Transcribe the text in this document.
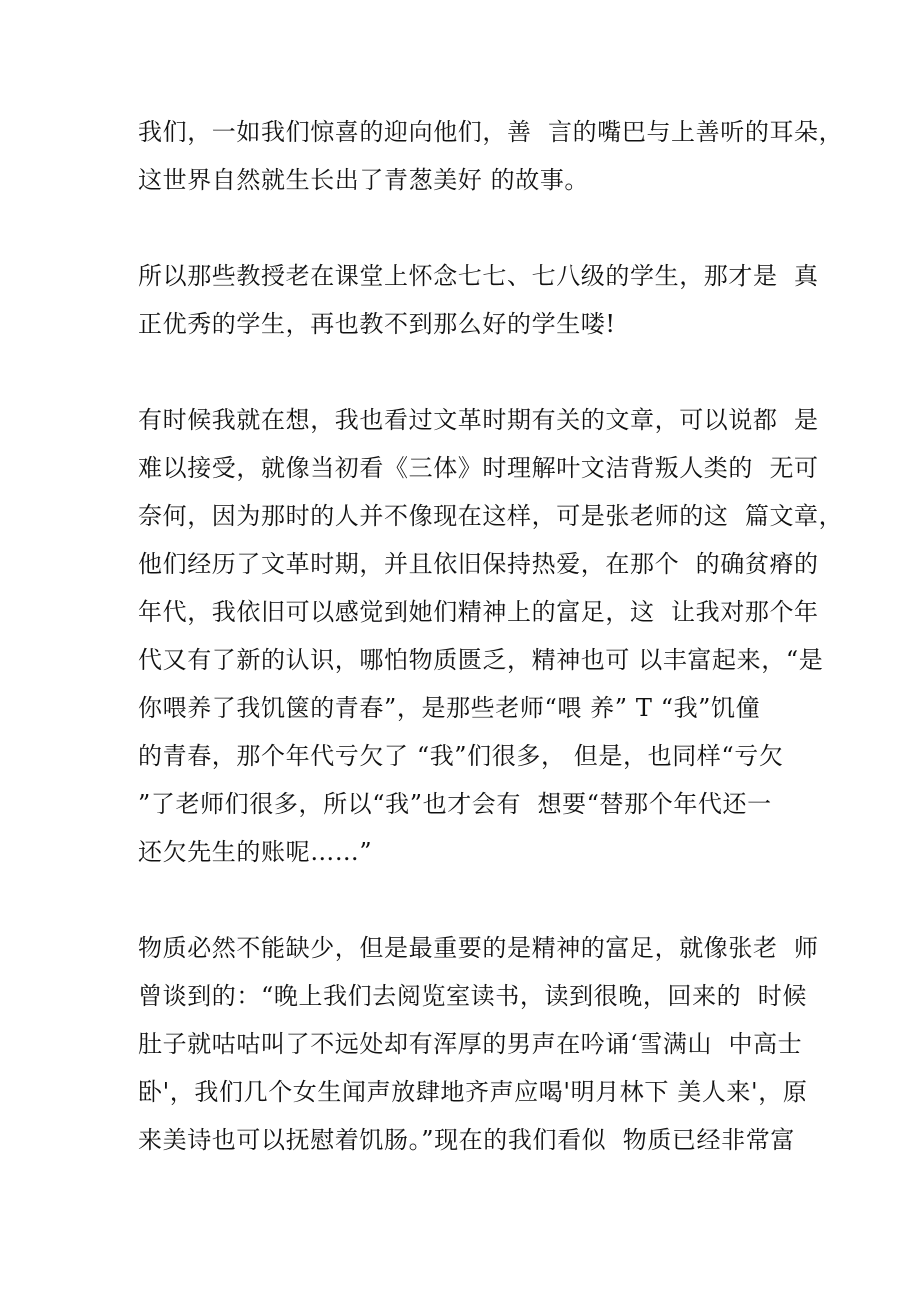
我们，一如我们惊喜的迎向他们，善  言的嘴巴与上善听的耳朵，
这世界自然就生长出了青葱美好 的故事。
所以那些教授老在课堂上怀念七七、七八级的学生，那才是  真
正优秀的学生，再也教不到那么好的学生喽!
有时候我就在想，我也看过文革时期有关的文章，可以说都  是
难以接受，就像当初看《三体》时理解叶文洁背叛人类的  无可
奈何，因为那时的人并不像现在这样，可是张老师的这  篇文章，
他们经历了文革时期，并且依旧保持热爱，在那个  的确贫瘠的
年代，我依旧可以感觉到她们精神上的富足，这  让我对那个年
代又有了新的认识，哪怕物质匮乏，精神也可 以丰富起来，“是
你喂养了我饥箧的青春”，是那些老师“喂 养” T “我”饥僮
的青春，那个年代亏欠了 “我”们很多， 但是，也同样“亏欠
”了老师们很多，所以“我”也才会有  想要“替那个年代还一
还欠先生的账呢……”
物质必然不能缺少，但是最重要的是精神的富足，就像张老  师
曾谈到的：“晚上我们去阅览室读书，读到很晚，回来的  时候
肚子就咕咕叫了不远处却有浑厚的男声在吟诵‘雪满山  中高士
卧'，我们几个女生闻声放肆地齐声应喝'明月林下 美人来'，原
来美诗也可以抚慰着饥肠。”现在的我们看似  物质已经非常富
